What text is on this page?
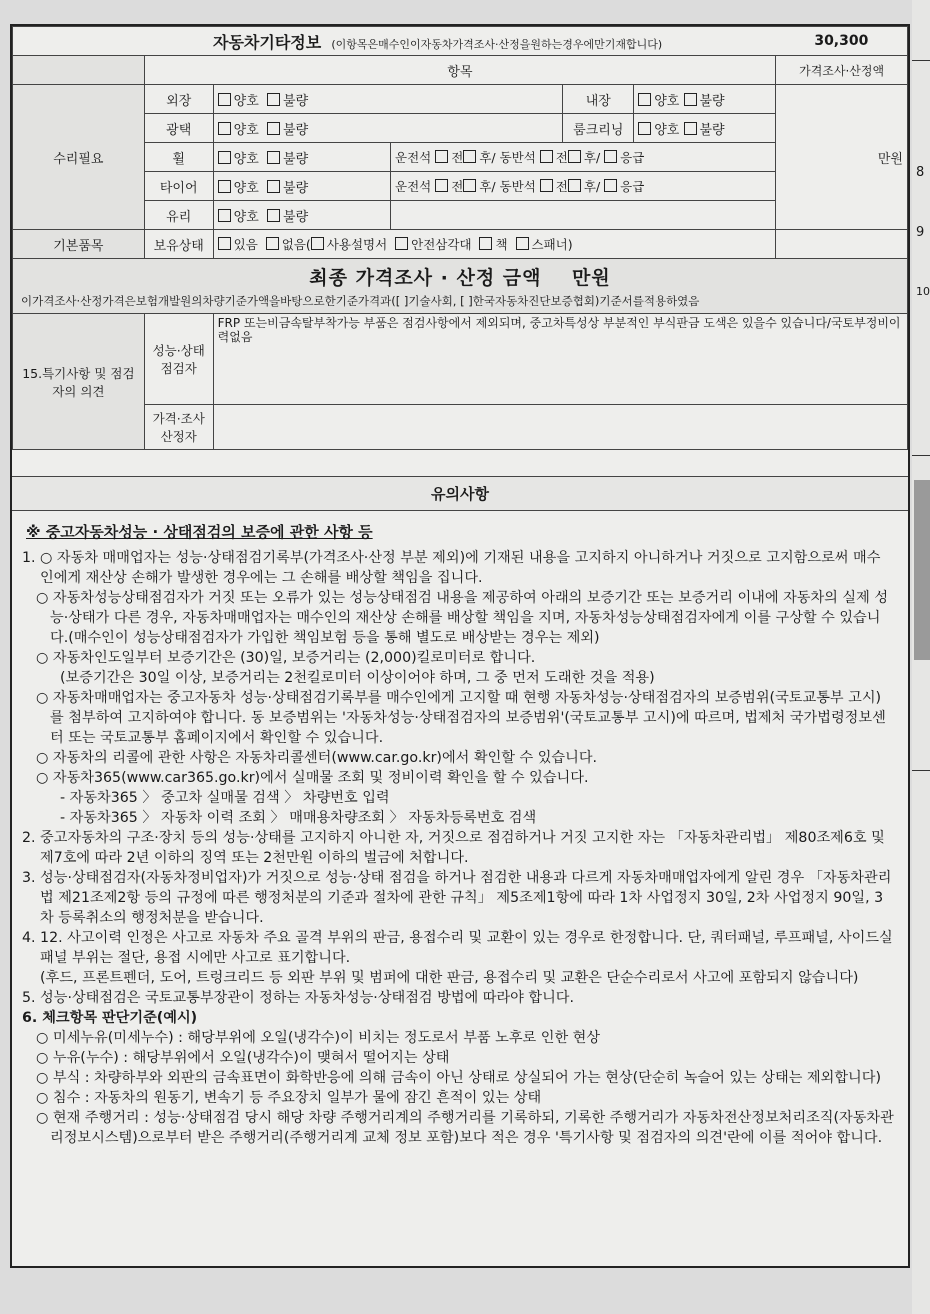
8
9
10
자동차기타정보 (이항목은매수인이자동차가격조사·산정을원하는경우에만기재합니다)						30,300
	항목					가격조사·산정액
수리필요	외장	양호 불량		내장	양호 불량	만원
	광택	양호 불량		룸크리닝	양호 불량	
	휠	양호 불량	운전석 전 후/ 동반석 전 후/ 응급			
	타이어	양호 불량	운전석 전 후/ 동반석 전 후/ 응급			
	유리	양호 불량				
기본품목	보유상태	있음 없음( 사용설명서 안전삼각대 책 스패너)				

최종 가격조사 · 산정 금액 만원
이가격조사·산정가격은보험개발원의차량기준가액을바탕으로한기준가격과([ ]기술사회, [ ]한국자동차진단보증협회)기준서를적용하였음						

15.특기사항 및 점검자의 의견	성능·상태 점검자	FRP 또는비금속탈부착가능 부품은 점검사항에서 제외되며, 중고차특성상 부분적인 부식판금 도색은 있을수 있습니다/국토부정비이력없음				
	가격·조사 산정자					
유의사항
※ 중고자동차성능 · 상태점검의 보증에 관한 사항 등

1. ○ 자동차 매매업자는 성능·상태점검기록부(가격조사·산정 부분 제외)에 기재된 내용을 고지하지 아니하거나 거짓으로 고지함으로써 매수인에게 재산상 손해가 발생한 경우에는 그 손해를 배상할 책임을 집니다.

○ 자동차성능상태점검자가 거짓 또는 오류가 있는 성능상태점검 내용을 제공하여 아래의 보증기간 또는 보증거리 이내에 자동차의 실제 성능·상태가 다른 경우, 자동차매매업자는 매수인의 재산상 손해를 배상할 책임을 지며, 자동차성능상태점검자에게 이를 구상할 수 있습니다.(매수인이 성능상태점검자가 가입한 책임보험 등을 통해 별도로 배상받는 경우는 제외)

○ 자동차인도일부터 보증기간은 (30)일, 보증거리는 (2,000)킬로미터로 합니다.

(보증기간은 30일 이상, 보증거리는 2천킬로미터 이상이어야 하며, 그 중 먼저 도래한 것을 적용)

○ 자동차매매업자는 중고자동차 성능·상태점검기록부를 매수인에게 고지할 때 현행 자동차성능·상태점검자의 보증범위(국토교통부 고시)를 첨부하여 고지하여야 합니다. 동 보증범위는 '자동차성능·상태점검자의 보증범위'(국토교통부 고시)에 따르며, 법제처 국가법령정보센터 또는 국토교통부 홈페이지에서 확인할 수 있습니다.

○ 자동차의 리콜에 관한 사항은 자동차리콜센터(www.car.go.kr)에서 확인할 수 있습니다.

○ 자동차365(www.car365.go.kr)에서 실매물 조회 및 정비이력 확인을 할 수 있습니다.

- 자동차365 〉 중고차 실매물 검색 〉 차량번호 입력

- 자동차365 〉 자동차 이력 조회 〉 매매용차량조회 〉 자동차등록번호 검색

2. 중고자동차의 구조·장치 등의 성능·상태를 고지하지 아니한 자, 거짓으로 점검하거나 거짓 고지한 자는 「자동차관리법」 제80조제6호 및 제7호에 따라 2년 이하의 징역 또는 2천만원 이하의 벌금에 처합니다.

3. 성능·상태점검자(자동차정비업자)가 거짓으로 성능·상태 점검을 하거나 점검한 내용과 다르게 자동차매매업자에게 알린 경우 「자동차관리법 제21조제2항 등의 규정에 따른 행정처분의 기준과 절차에 관한 규칙」 제5조제1항에 따라 1차 사업정지 30일, 2차 사업정지 90일, 3차 등록취소의 행정처분을 받습니다.

4. 12. 사고이력 인정은 사고로 자동차 주요 골격 부위의 판금, 용접수리 및 교환이 있는 경우로 한정합니다. 단, 쿼터패널, 루프패널, 사이드실패널 부위는 절단, 용접 시에만 사고로 표기합니다.

(후드, 프론트펜더, 도어, 트렁크리드 등 외판 부위 및 범퍼에 대한 판금, 용접수리 및 교환은 단순수리로서 사고에 포함되지 않습니다)

5. 성능·상태점검은 국토교통부장관이 정하는 자동차성능·상태점검 방법에 따라야 합니다.

6. 체크항목 판단기준(예시)

○ 미세누유(미세누수) : 해당부위에 오일(냉각수)이 비치는 정도로서 부품 노후로 인한 현상

○ 누유(누수) : 해당부위에서 오일(냉각수)이 맺혀서 떨어지는 상태

○ 부식 : 차량하부와 외판의 금속표면이 화학반응에 의해 금속이 아닌 상태로 상실되어 가는 현상(단순히 녹슬어 있는 상태는 제외합니다)

○ 침수 : 자동차의 원동기, 변속기 등 주요장치 일부가 물에 잠긴 흔적이 있는 상태

○ 현재 주행거리 : 성능·상태점검 당시 해당 차량 주행거리계의 주행거리를 기록하되, 기록한 주행거리가 자동차전산정보처리조직(자동차관리정보시스템)으로부터 받은 주행거리(주행거리계 교체 정보 포함)보다 적은 경우 '특기사항 및 점검자의 의견'란에 이를 적어야 합니다.
